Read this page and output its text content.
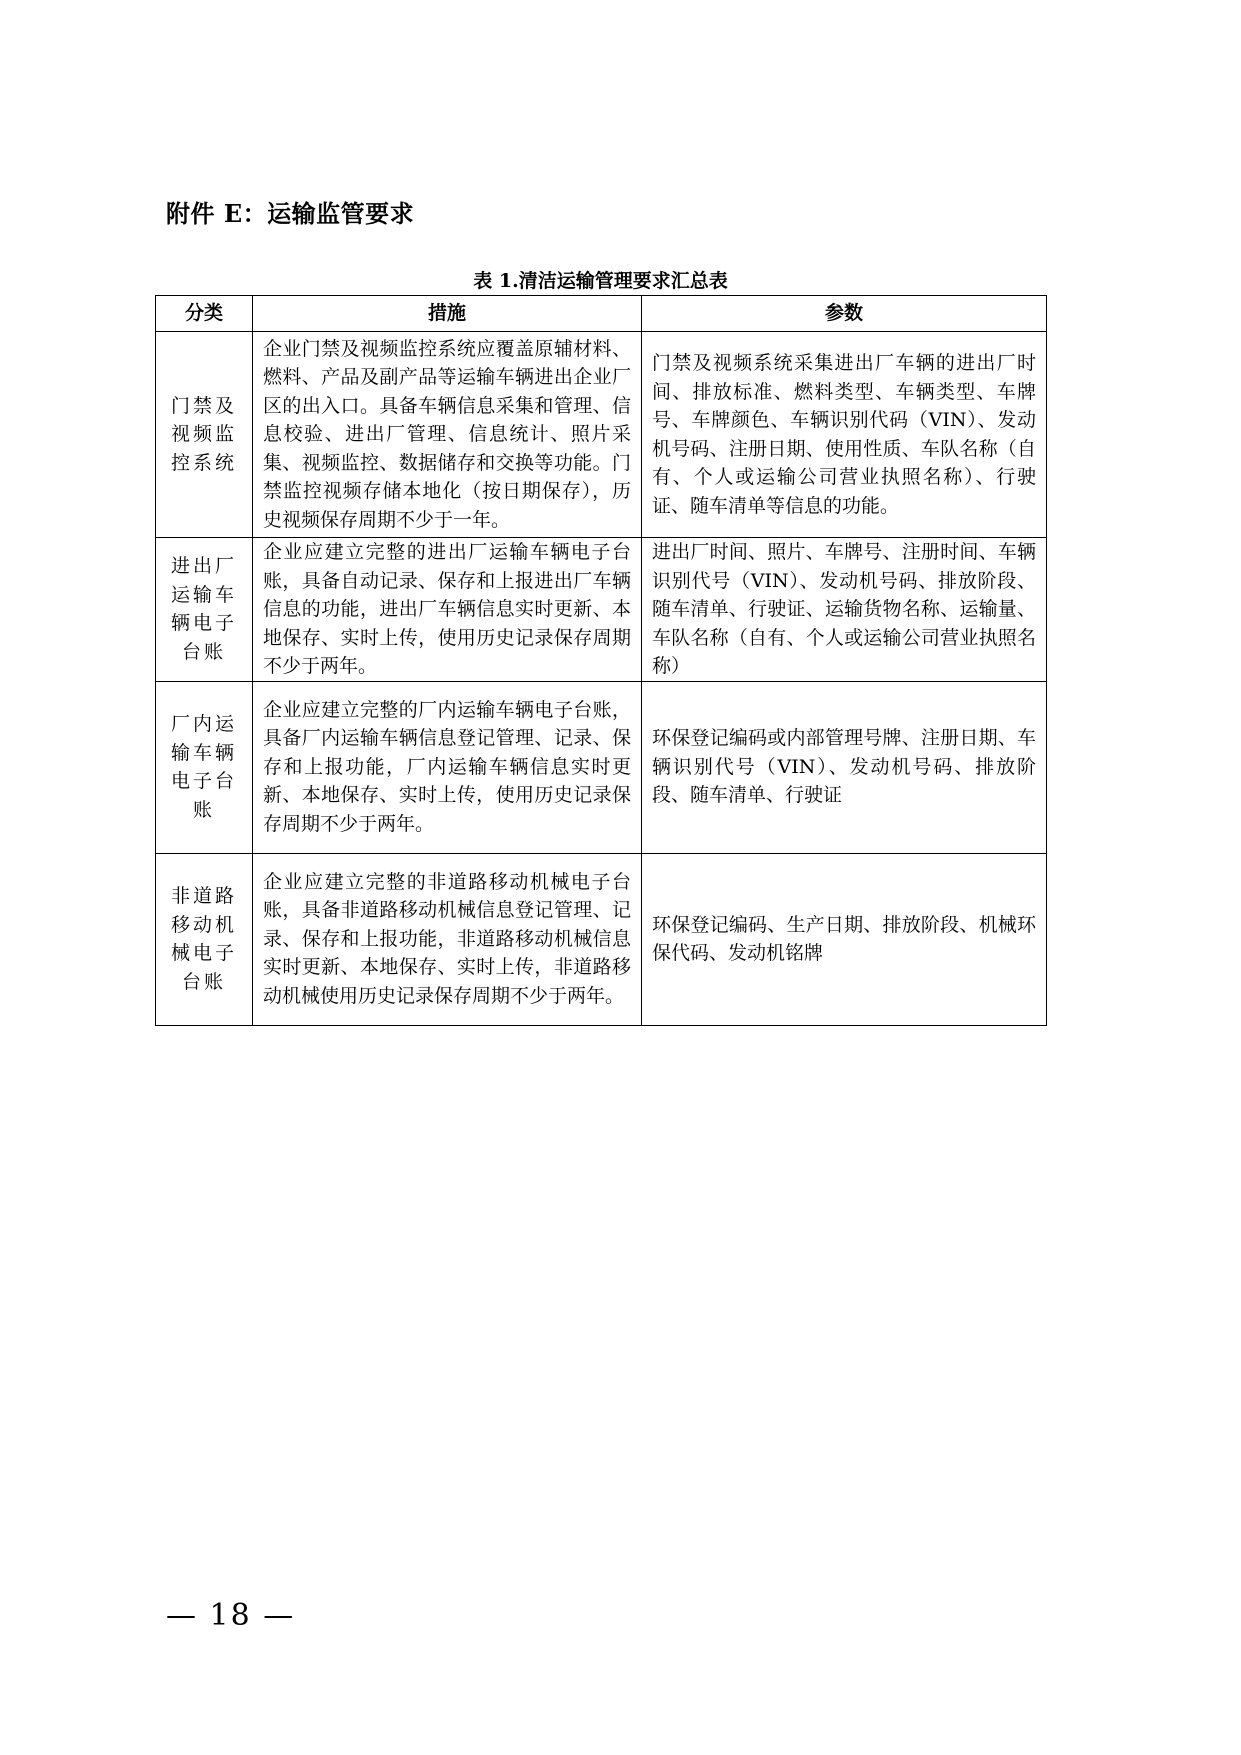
附件 E：运输监管要求
表 1.清洁运输管理要求汇总表
分类	措施	参数
门禁及视频监控系统	企业门禁及视频监控系统应覆盖原辅材料、燃料、产品及副产品等运输车辆进出企业厂区的出入口。具备车辆信息采集和管理、信息校验、进出厂管理、信息统计、照片采集、视频监控、数据储存和交换等功能。门禁监控视频存储本地化（按日期保存），历史视频保存周期不少于一年。	门禁及视频系统采集进出厂车辆的进出厂时间、排放标准、燃料类型、车辆类型、车牌号、车牌颜色、车辆识别代码（VIN）、发动机号码、注册日期、使用性质、车队名称（自有、个人或运输公司营业执照名称）、行驶证、随车清单等信息的功能。
进出厂运输车辆电子台账	企业应建立完整的进出厂运输车辆电子台账，具备自动记录、保存和上报进出厂车辆信息的功能，进出厂车辆信息实时更新、本地保存、实时上传，使用历史记录保存周期不少于两年。	进出厂时间、照片、车牌号、注册时间、车辆识别代号（VIN）、发动机号码、排放阶段、随车清单、行驶证、运输货物名称、运输量、车队名称（自有、个人或运输公司营业执照名称）
厂内运输车辆电子台账	企业应建立完整的厂内运输车辆电子台账，具备厂内运输车辆信息登记管理、记录、保存和上报功能，厂内运输车辆信息实时更新、本地保存、实时上传，使用历史记录保存周期不少于两年。	环保登记编码或内部管理号牌、注册日期、车辆识别代号（VIN）、发动机号码、排放阶段、随车清单、行驶证
非道路移动机械电子台账	企业应建立完整的非道路移动机械电子台账，具备非道路移动机械信息登记管理、记录、保存和上报功能，非道路移动机械信息实时更新、本地保存、实时上传，非道路移动机械使用历史记录保存周期不少于两年。	环保登记编码、生产日期、排放阶段、机械环保代码、发动机铭牌
— 18 —
